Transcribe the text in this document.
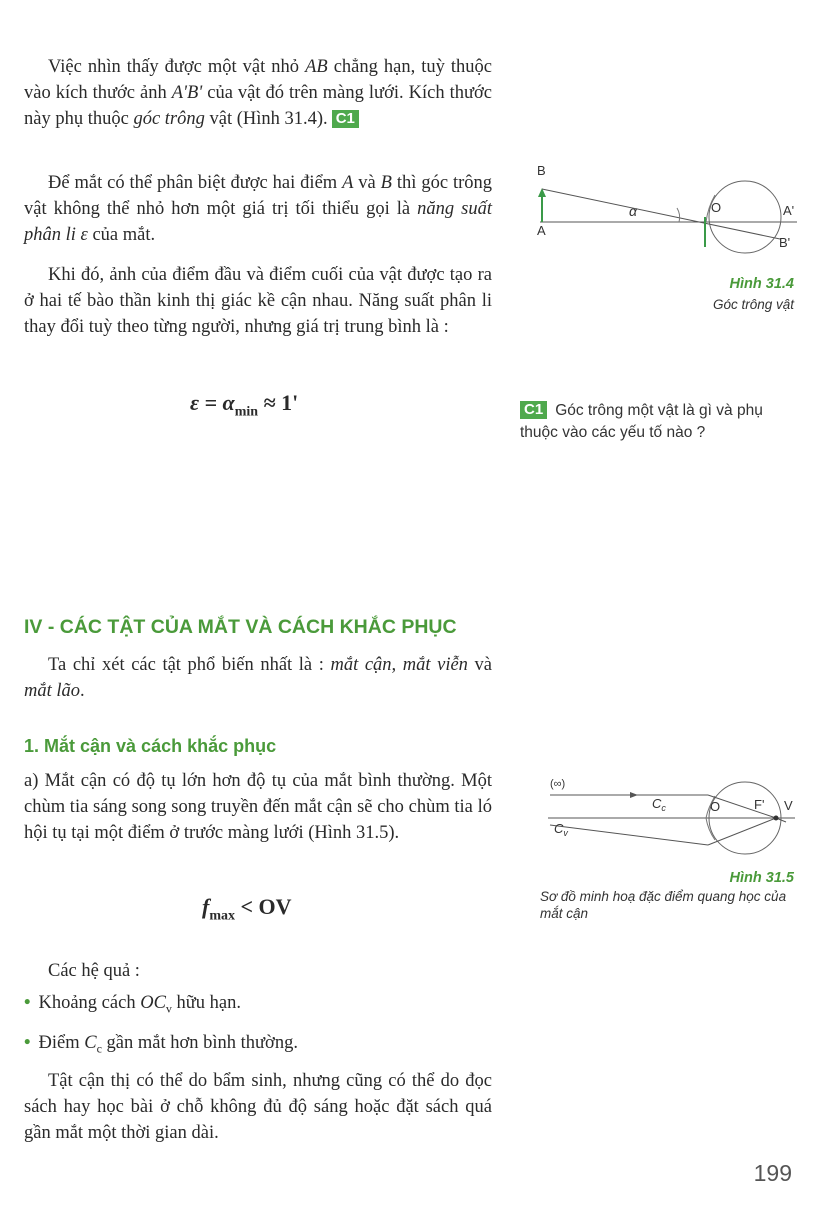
Việc nhìn thấy được một vật nhỏ AB chẳng hạn, tuỳ thuộc vào kích thước ảnh A'B' của vật đó trên màng lưới. Kích thước này phụ thuộc góc trông vật (Hình 31.4). C1
Để mắt có thể phân biệt được hai điểm A và B thì góc trông vật không thể nhỏ hơn một giá trị tối thiểu gọi là năng suất phân li ε của mắt.
Khi đó, ảnh của điểm đầu và điểm cuối của vật được tạo ra ở hai tế bào thần kinh thị giác kề cận nhau. Năng suất phân li thay đổi tuỳ theo từng người, nhưng giá trị trung bình là :
$\varepsilon = \alpha_{min} \approx 1'$
B
A
α	O	A'
B'
Hình 31.4
Góc trông vật
C1 Góc trông một vật là gì và phụ thuộc vào các yếu tố nào ?
IV - CÁC TẬT CỦA MẮT VÀ CÁCH KHẮC PHỤC
Ta chỉ xét các tật phổ biến nhất là : mắt cận, mắt viễn và mắt lão.
1. Mắt cận và cách khắc phục
a) Mắt cận có độ tụ lớn hơn độ tụ của mắt bình thường. Một chùm tia sáng song song truyền đến mắt cận sẽ cho chùm tia ló hội tụ tại một điểm ở trước màng lưới (Hình 31.5).
$f_{max}$ < OV
(∞)
$C_c$	O	F' V
$C_v$
Hình 31.5
Sơ đồ minh hoạ đặc điểm quang học của mắt cận
Các hệ quả :
• Khoảng cách $OC_v$ hữu hạn.
• Điểm $C_c$ gần mắt hơn bình thường.
Tật cận thị có thể do bẩm sinh, nhưng cũng có thể do đọc sách hay học bài ở chỗ không đủ độ sáng hoặc đặt sách quá gần mắt một thời gian dài.
199
